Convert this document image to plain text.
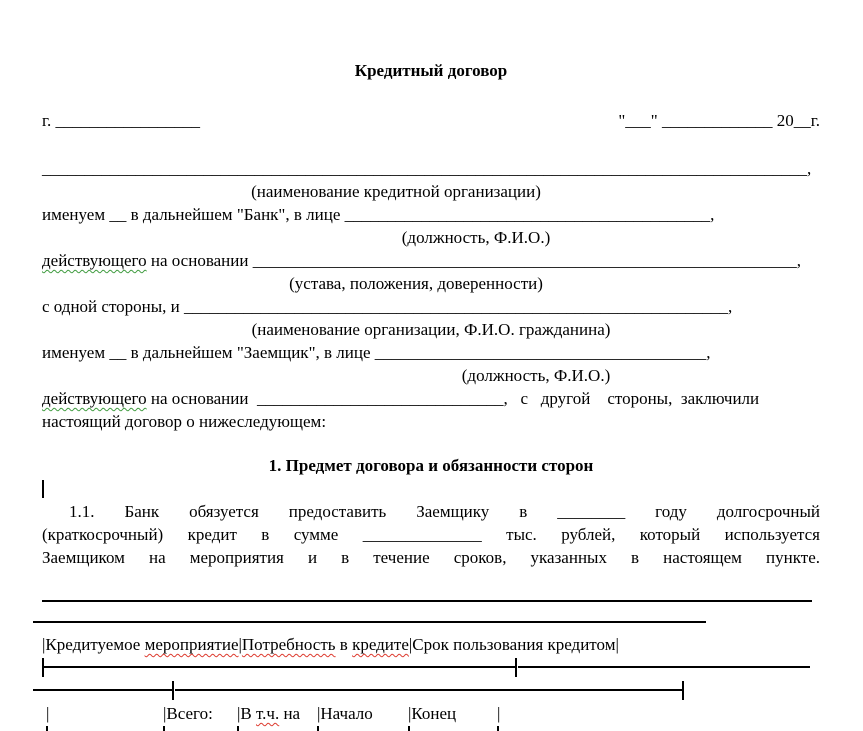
Кредитный договор
г. _________________	"___" _____________ 20__г.
__________________________________________________________________________________________,
(наименование кредитной организации)
именуем __ в дальнейшем "Банк", в лице ___________________________________________,
(должность, Ф.И.О.)
действующего на основании ________________________________________________________________,
(устава, положения, доверенности)
с одной стороны, и ________________________________________________________________,
(наименование организации, Ф.И.О. гражданина)
именуем __ в дальнейшем "Заемщик", в лице _______________________________________,
(должность, Ф.И.О.)
действующего на основании  _____________________________,   с   другой    стороны,  заключили
настоящий договор о нижеследующем:
1. Предмет договора и обязанности сторон
1.1. Банк обязуется предоставить Заемщику в ________ году долгосрочный
(краткосрочный) кредит в сумме ______________ тыс. рублей, который используется
Заемщиком на мероприятия и в течение сроков, указанных в настоящем пункте.
|Кредитуемое мероприятие|Потребность в кредите|Срок пользования кредитом|
|	|Всего: |В т.ч. на |Начало |Конец |
